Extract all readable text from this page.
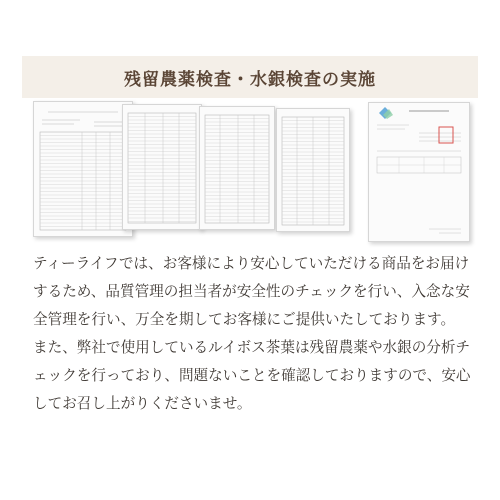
残留農薬検査・水銀検査の実施

ティーライフでは、お客様により安心していただける商品をお届けするため、品質管理の担当者が安全性のチェックを行い、入念な安全管理を行い、万全を期してお客様にご提供いたしております。

また、弊社で使用しているルイボス茶葉は残留農薬や水銀の分析チェックを行っており、問題ないことを確認しておりますので、安心してお召し上がりくださいませ。
